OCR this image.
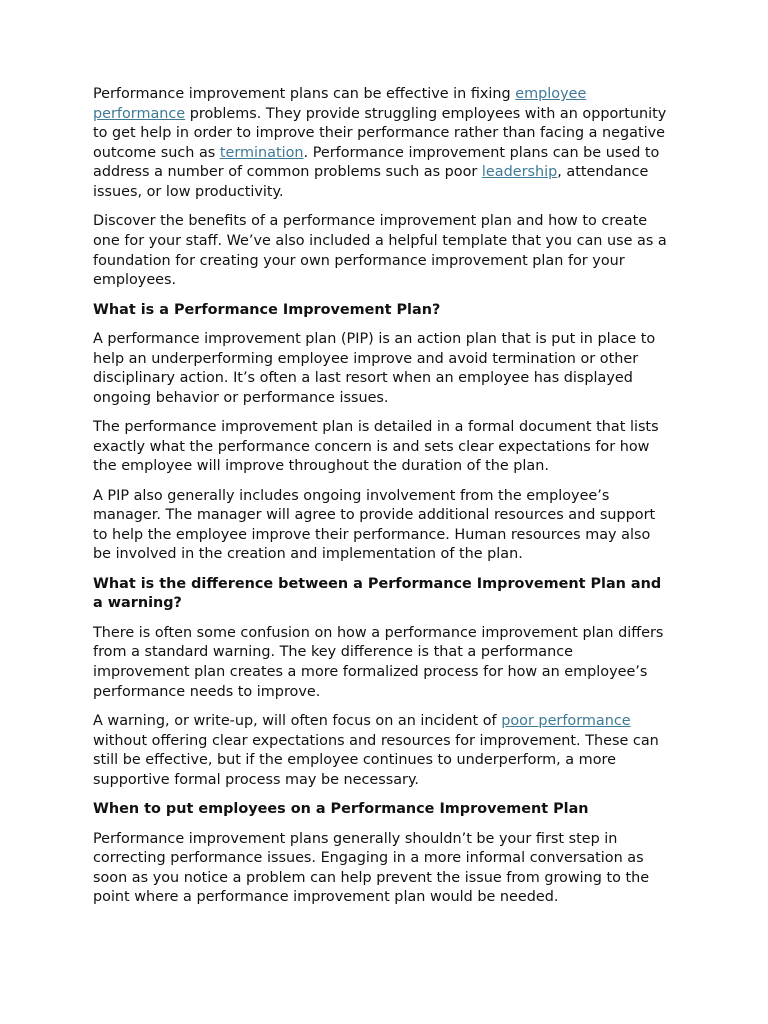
Performance improvement plans can be effective in fixing employee performance problems. They provide struggling employees with an opportunity to get help in order to improve their performance rather than facing a negative outcome such as termination. Performance improvement plans can be used to address a number of common problems such as poor leadership, attendance issues, or low productivity.

Discover the benefits of a performance improvement plan and how to create one for your staff. We’ve also included a helpful template that you can use as a foundation for creating your own performance improvement plan for your employees.

What is a Performance Improvement Plan?

A performance improvement plan (PIP) is an action plan that is put in place to help an underperforming employee improve and avoid termination or other disciplinary action. It’s often a last resort when an employee has displayed ongoing behavior or performance issues.

The performance improvement plan is detailed in a formal document that lists exactly what the performance concern is and sets clear expectations for how the employee will improve throughout the duration of the plan.

A PIP also generally includes ongoing involvement from the employee’s manager. The manager will agree to provide additional resources and support to help the employee improve their performance. Human resources may also be involved in the creation and implementation of the plan.

What is the difference between a Performance Improvement Plan and a warning?

There is often some confusion on how a performance improvement plan differs from a standard warning. The key difference is that a performance improvement plan creates a more formalized process for how an employee’s performance needs to improve.

A warning, or write-up, will often focus on an incident of poor performance without offering clear expectations and resources for improvement. These can still be effective, but if the employee continues to underperform, a more supportive formal process may be necessary.

When to put employees on a Performance Improvement Plan

Performance improvement plans generally shouldn’t be your first step in correcting performance issues. Engaging in a more informal conversation as soon as you notice a problem can help prevent the issue from growing to the point where a performance improvement plan would be needed.
